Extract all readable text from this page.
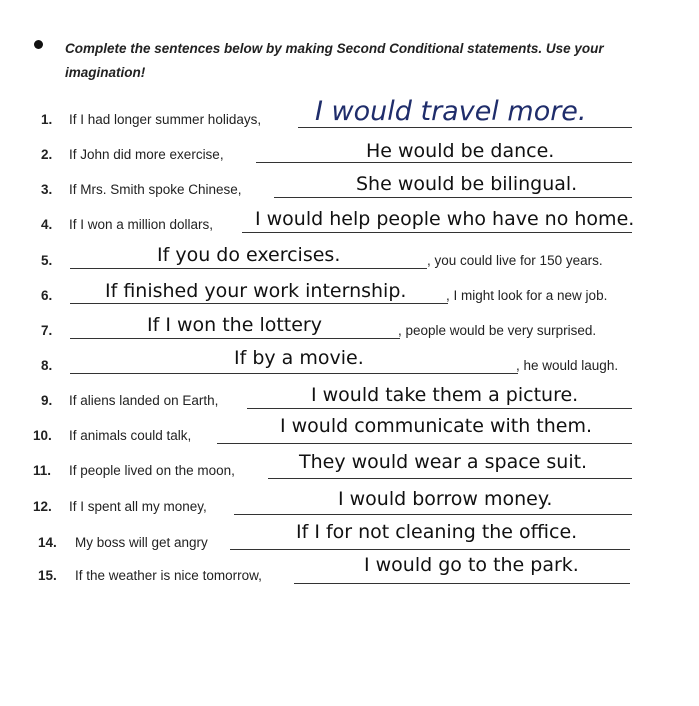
Complete the sentences below by making Second Conditional statements. Use your imagination!
1. If I had longer summer holidays, I would travel more.
2. If John did more exercise,	He would be dance.
3. If Mrs. Smith spoke Chinese,	She would be bilingual.
4. If I won a million dollars, I would help people who have no home.
5.	If you do exercises.	, you could live for 150 years.
6.	If finished your work internship.	, I might look for a new job.
7.	If I won the lottery	, people would be very surprised.
8.	If by a movie.	, he would laugh.
9. If aliens landed on Earth,	I would take them a picture.
10. If animals could talk,	I would communicate with them.
11. If people lived on the moon,	They would wear a space suit.
12. If I spent all my money,	I would borrow money.
14. My boss will get angry	If I for not cleaning the office.
15. If the weather is nice tomorrow,	I would go to the park.
